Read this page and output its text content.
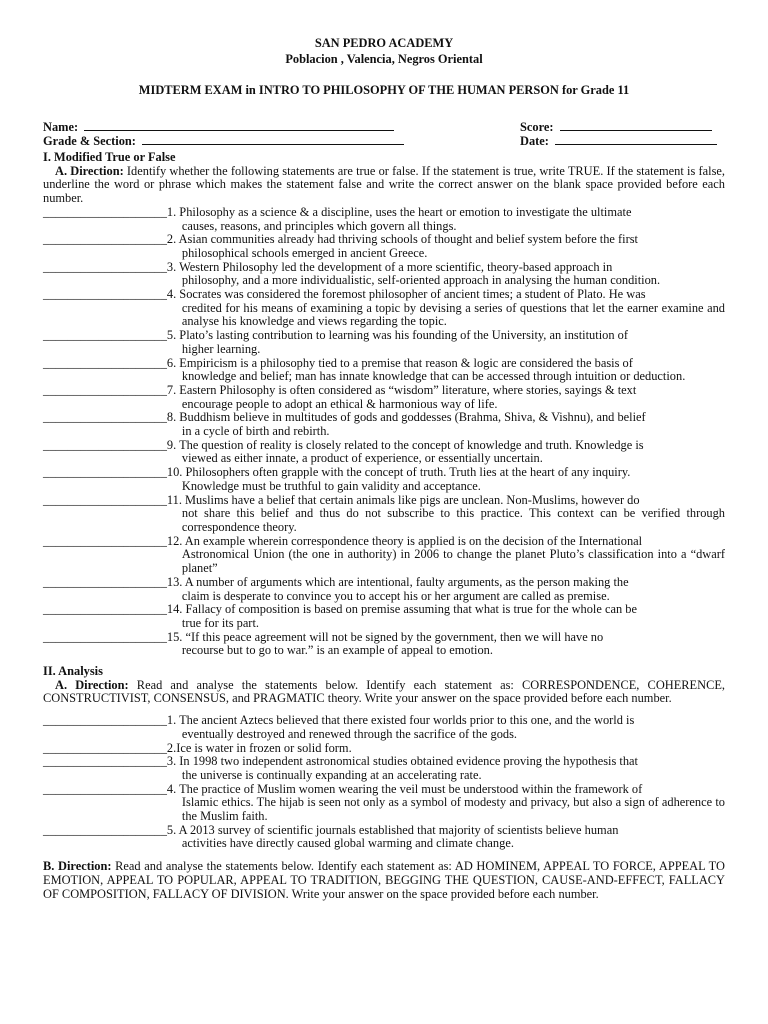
SAN PEDRO ACADEMY
Poblacion , Valencia, Negros Oriental
MIDTERM EXAM in INTRO TO PHILOSOPHY OF THE HUMAN PERSON for Grade 11
Name:	Score:
Grade & Section:	Date:
I. Modified True or False
A. Direction: Identify whether the following statements are true or false. If the statement is true, write TRUE. If the statement is false, underline the word or phrase which makes the statement false and write the correct answer on the blank space provided before each number.
____________________ 1. Philosophy as a science & a discipline, uses the heart or emotion to investigate the ultimate
causes, reasons, and principles which govern all things.
____________________ 2. Asian communities already had thriving schools of thought and belief system before the first
philosophical schools emerged in ancient Greece.
____________________ 3. Western Philosophy led the development of a more scientific, theory-based approach in
philosophy, and a more individualistic, self-oriented approach in analysing the human condition.
____________________ 4. Socrates was considered the foremost philosopher of ancient times; a student of Plato. He was
credited for his means of examining a topic by devising a series of questions that let the earner examine and analyse his knowledge and views regarding the topic.
____________________ 5. Plato’s lasting contribution to learning was his founding of the University, an institution of
higher learning.
____________________ 6. Empiricism is a philosophy tied to a premise that reason & logic are considered the basis of
knowledge and belief; man has innate knowledge that can be accessed through intuition or deduction.
____________________ 7. Eastern Philosophy is often considered as “wisdom” literature, where stories, sayings & text
encourage people to adopt an ethical & harmonious way of life.
____________________ 8. Buddhism believe in multitudes of gods and goddesses (Brahma, Shiva, & Vishnu), and belief
in a cycle of birth and rebirth.
____________________ 9. The question of reality is closely related to the concept of knowledge and truth. Knowledge is
viewed as either innate, a product of experience, or essentially uncertain.
____________________ 10. Philosophers often grapple with the concept of truth. Truth lies at the heart of any inquiry.
Knowledge must be truthful to gain validity and acceptance.
____________________ 11. Muslims have a belief that certain animals like pigs are unclean. Non-Muslims, however do
not share this belief and thus do not subscribe to this practice. This context can be verified through correspondence theory.
____________________ 12. An example wherein correspondence theory is applied is on the decision of the International
Astronomical Union (the one in authority) in 2006 to change the planet Pluto’s classification into a “dwarf planet”
____________________ 13. A number of arguments which are intentional, faulty arguments, as the person making the
claim is desperate to convince you to accept his or her argument are called as premise.
____________________ 14. Fallacy of composition is based on premise assuming that what is true for the whole can be
true for its part.
____________________ 15. “If this peace agreement will not be signed by the government, then we will have no
recourse but to go to war.” is an example of appeal to emotion.
II. Analysis
A. Direction: Read and analyse the statements below. Identify each statement as: CORRESPONDENCE, COHERENCE, CONSTRUCTIVIST, CONSENSUS, and PRAGMATIC theory. Write your answer on the space provided before each number.
____________________ 1. The ancient Aztecs believed that there existed four worlds prior to this one, and the world is
eventually destroyed and renewed through the sacrifice of the gods.
____________________ 2.Ice is water in frozen or solid form.
____________________ 3. In 1998 two independent astronomical studies obtained evidence proving the hypothesis that
the universe is continually expanding at an accelerating rate.
____________________ 4. The practice of Muslim women wearing the veil must be understood within the framework of
Islamic ethics. The hijab is seen not only as a symbol of modesty and privacy, but also a sign of adherence to the Muslim faith.
____________________ 5. A 2013 survey of scientific journals established that majority of scientists believe human
activities have directly caused global warming and climate change.
B. Direction: Read and analyse the statements below. Identify each statement as: AD HOMINEM, APPEAL TO FORCE, APPEAL TO EMOTION, APPEAL TO POPULAR, APPEAL TO TRADITION, BEGGING THE QUESTION, CAUSE-AND-EFFECT, FALLACY OF COMPOSITION, FALLACY OF DIVISION. Write your answer on the space provided before each number.
